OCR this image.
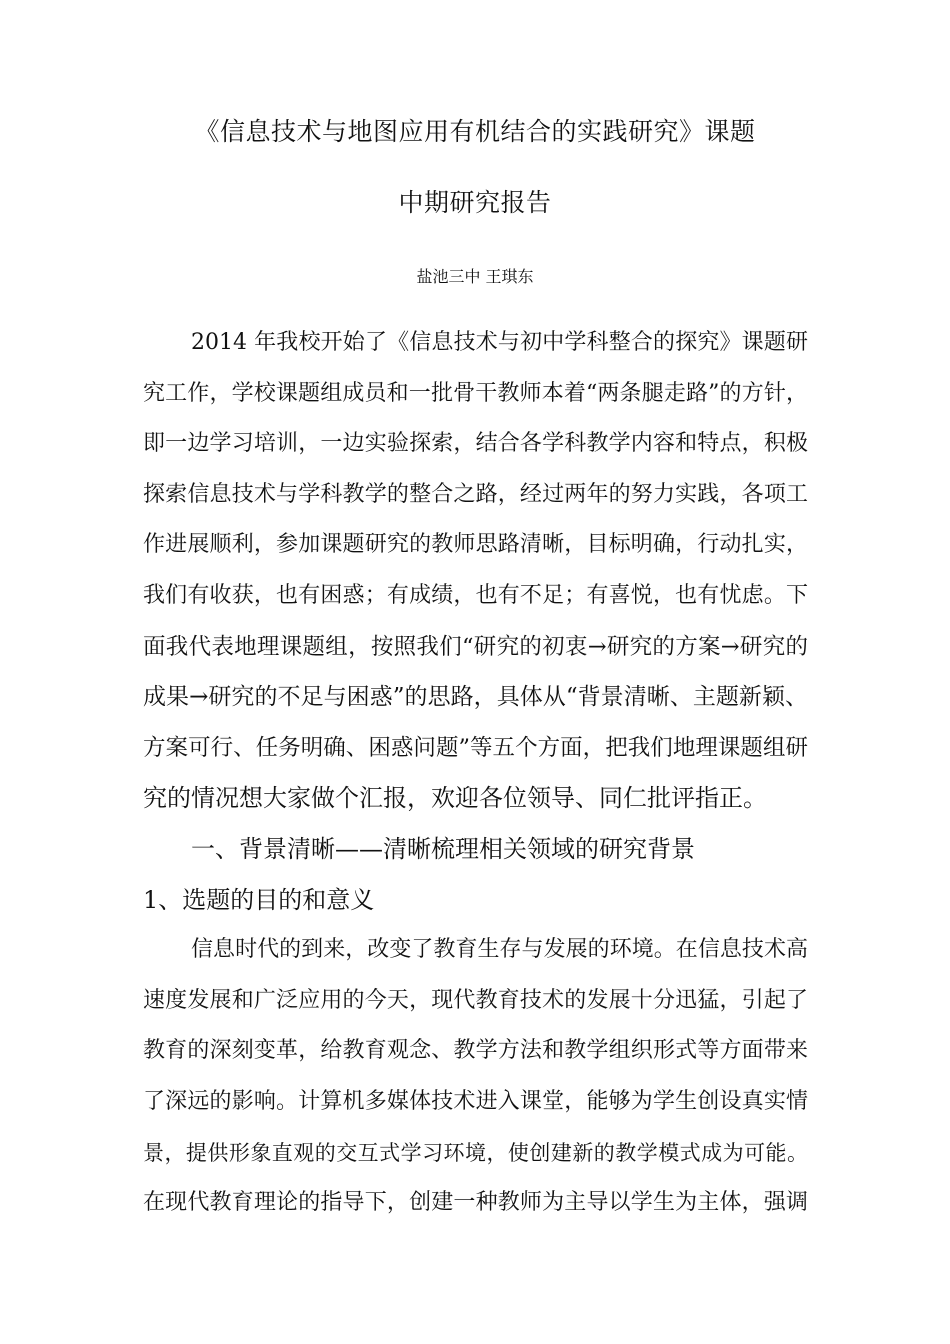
《信息技术与地图应用有机结合的实践研究》课题
中期研究报告
盐池三中 王琪东
2014 年我校开始了《信息技术与初中学科整合的探究》课题研
究工作，学校课题组成员和一批骨干教师本着“两条腿走路”的方针，
即一边学习培训，一边实验探索，结合各学科教学内容和特点，积极
探索信息技术与学科教学的整合之路，经过两年的努力实践，各项工
作进展顺利，参加课题研究的教师思路清晰，目标明确，行动扎实，
我们有收获，也有困惑；有成绩，也有不足；有喜悦，也有忧虑。下
面我代表地理课题组，按照我们“研究的初衷→研究的方案→研究的
成果→研究的不足与困惑”的思路，具体从“背景清晰、主题新颖、
方案可行、任务明确、困惑问题”等五个方面，把我们地理课题组研
究的情况想大家做个汇报，欢迎各位领导、同仁批评指正。
一、背景清晰——清晰梳理相关领域的研究背景
1、选题的目的和意义
信息时代的到来，改变了教育生存与发展的环境。在信息技术高
速度发展和广泛应用的今天，现代教育技术的发展十分迅猛，引起了
教育的深刻变革，给教育观念、教学方法和教学组织形式等方面带来
了深远的影响。计算机多媒体技术进入课堂，能够为学生创设真实情
景，提供形象直观的交互式学习环境，使创建新的教学模式成为可能。
在现代教育理论的指导下，创建一种教师为主导以学生为主体，强调
